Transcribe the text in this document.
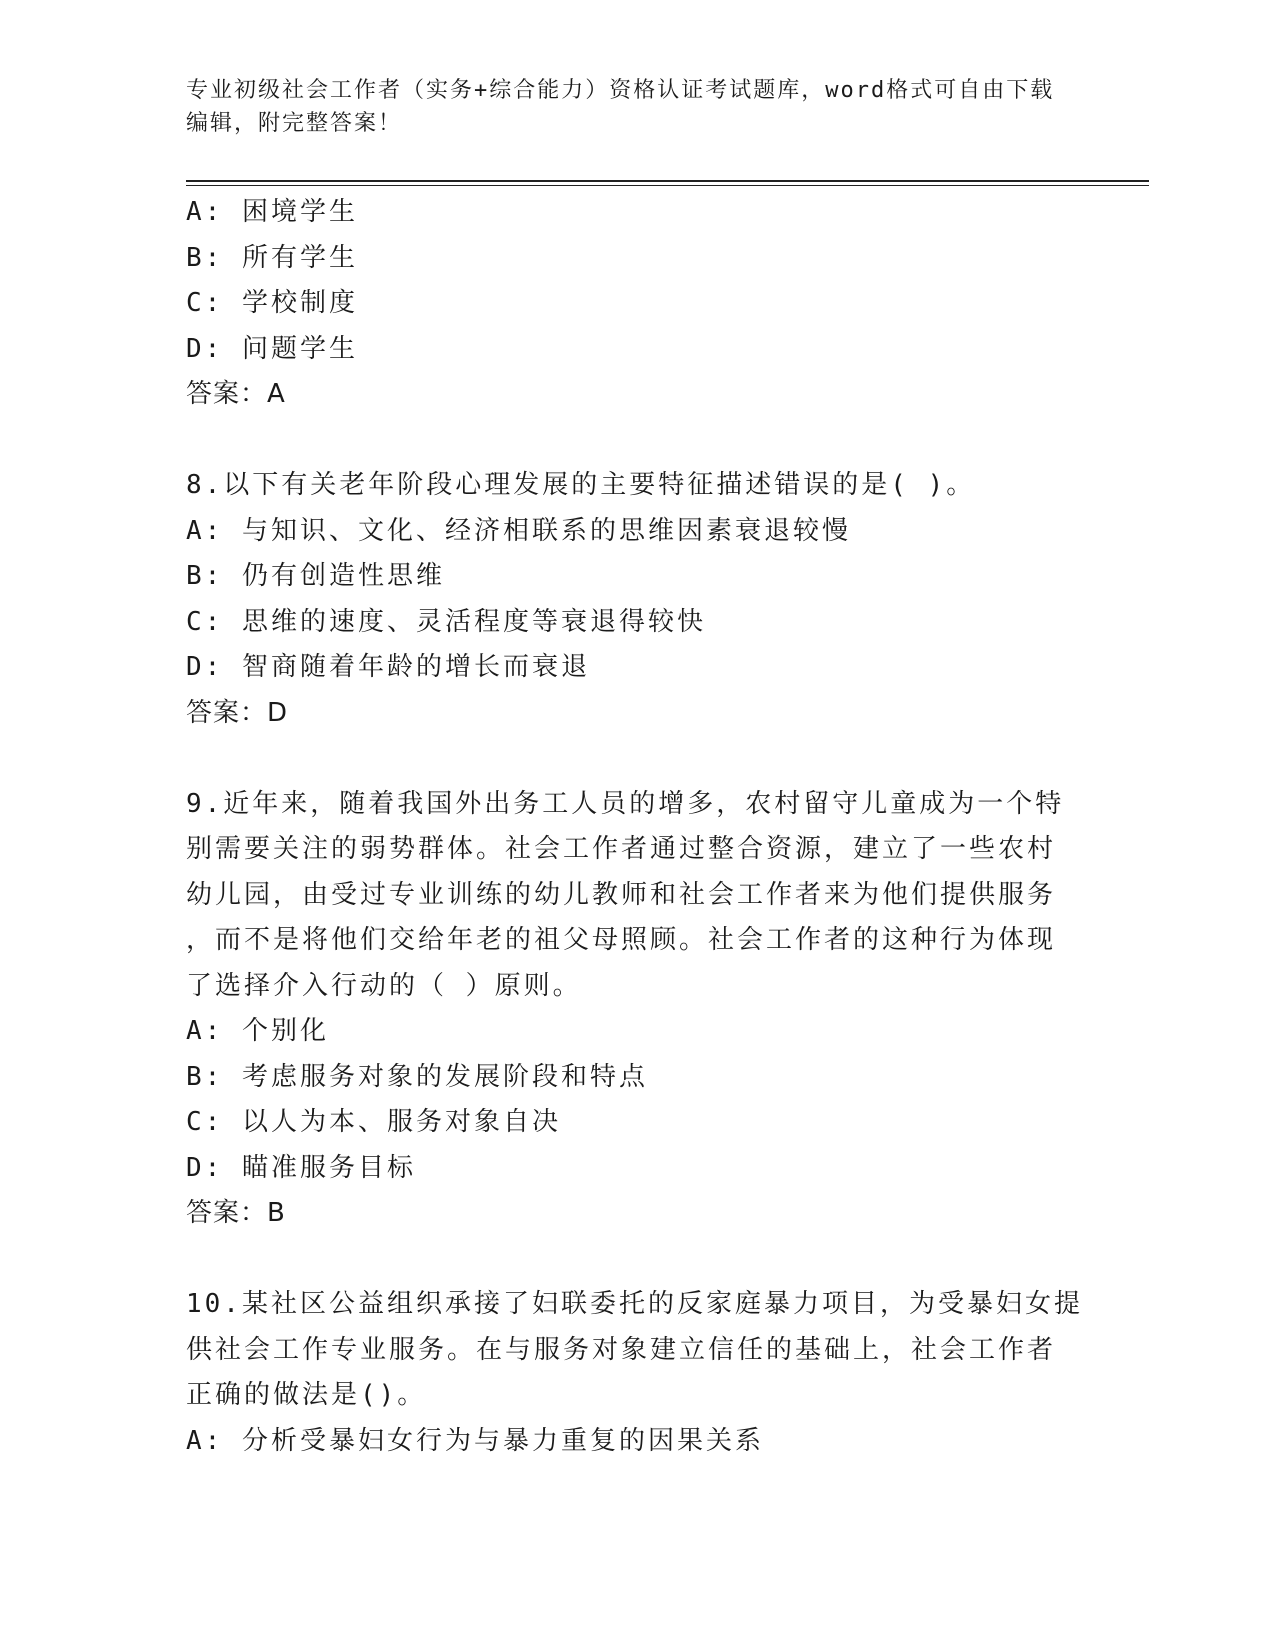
专业初级社会工作者（实务+综合能力）资格认证考试题库，word格式可自由下载
编辑，附完整答案！
A: 困境学生
B: 所有学生
C: 学校制度
D: 问题学生
答案：A
8.以下有关老年阶段心理发展的主要特征描述错误的是( )。
A: 与知识、文化、经济相联系的思维因素衰退较慢
B: 仍有创造性思维
C: 思维的速度、灵活程度等衰退得较快
D: 智商随着年龄的增长而衰退
答案：D
9.近年来，随着我国外出务工人员的增多，农村留守儿童成为一个特
别需要关注的弱势群体。社会工作者通过整合资源，建立了一些农村
幼儿园，由受过专业训练的幼儿教师和社会工作者来为他们提供服务
，而不是将他们交给年老的祖父母照顾。社会工作者的这种行为体现
了选择介入行动的（ ）原则。
A: 个别化
B: 考虑服务对象的发展阶段和特点
C: 以人为本、服务对象自决
D: 瞄准服务目标
答案：B
10.某社区公益组织承接了妇联委托的反家庭暴力项目，为受暴妇女提
供社会工作专业服务。在与服务对象建立信任的基础上，社会工作者
正确的做法是()。
A: 分析受暴妇女行为与暴力重复的因果关系
